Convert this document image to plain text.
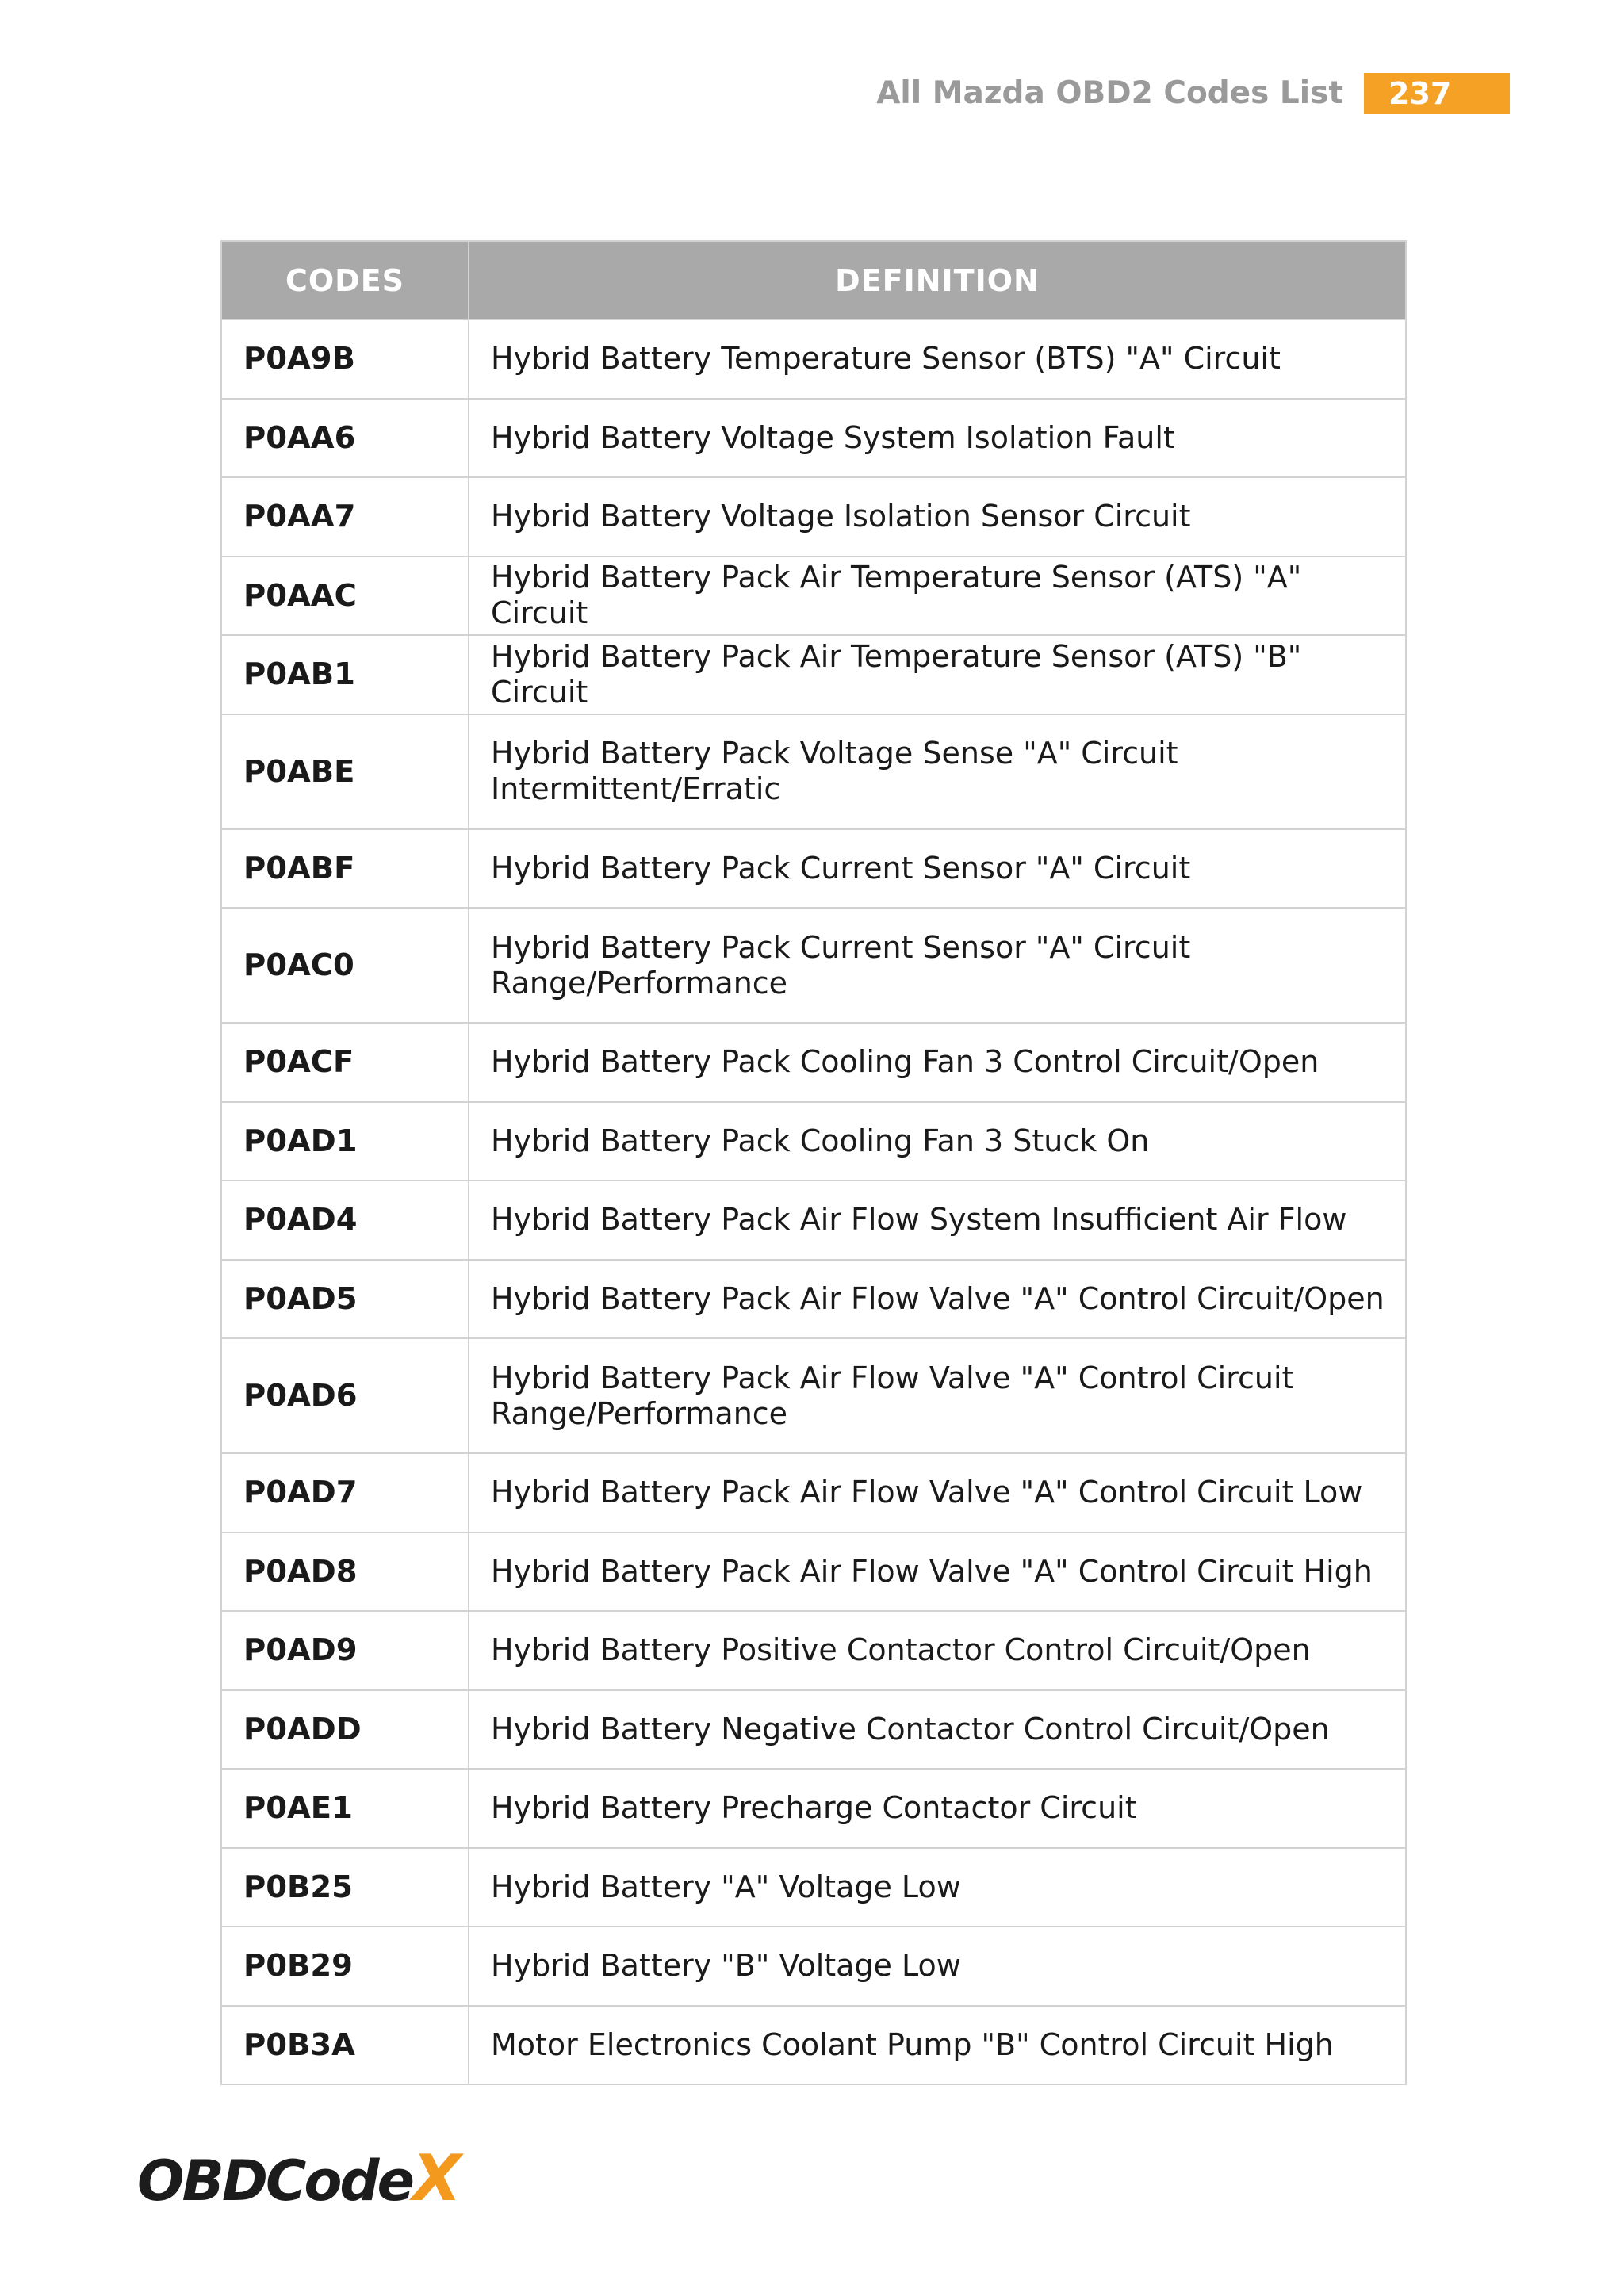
All Mazda OBD2 Codes List	237
CODES	DEFINITION
P0A9B	Hybrid Battery Temperature Sensor (BTS) "A" Circuit
P0AA6	Hybrid Battery Voltage System Isolation Fault
P0AA7	Hybrid Battery Voltage Isolation Sensor Circuit
P0AAC	Hybrid Battery Pack Air Temperature Sensor (ATS) "A" Circuit
P0AB1	Hybrid Battery Pack Air Temperature Sensor (ATS) "B" Circuit
P0ABE	Hybrid Battery Pack Voltage Sense "A" Circuit Intermittent/Erratic
P0ABF	Hybrid Battery Pack Current Sensor "A" Circuit
P0AC0	Hybrid Battery Pack Current Sensor "A" Circuit Range/Performance
P0ACF	Hybrid Battery Pack Cooling Fan 3 Control Circuit/Open
P0AD1	Hybrid Battery Pack Cooling Fan 3 Stuck On
P0AD4	Hybrid Battery Pack Air Flow System Insufficient Air Flow
P0AD5	Hybrid Battery Pack Air Flow Valve "A" Control Circuit/Open
P0AD6	Hybrid Battery Pack Air Flow Valve "A" Control Circuit Range/Performance
P0AD7	Hybrid Battery Pack Air Flow Valve "A" Control Circuit Low
P0AD8	Hybrid Battery Pack Air Flow Valve "A" Control Circuit High
P0AD9	Hybrid Battery Positive Contactor Control Circuit/Open
P0ADD	Hybrid Battery Negative Contactor Control Circuit/Open
P0AE1	Hybrid Battery Precharge Contactor Circuit
P0B25	Hybrid Battery "A" Voltage Low
P0B29	Hybrid Battery "B" Voltage Low
P0B3A	Motor Electronics Coolant Pump "B" Control Circuit High
OBDCodeX
